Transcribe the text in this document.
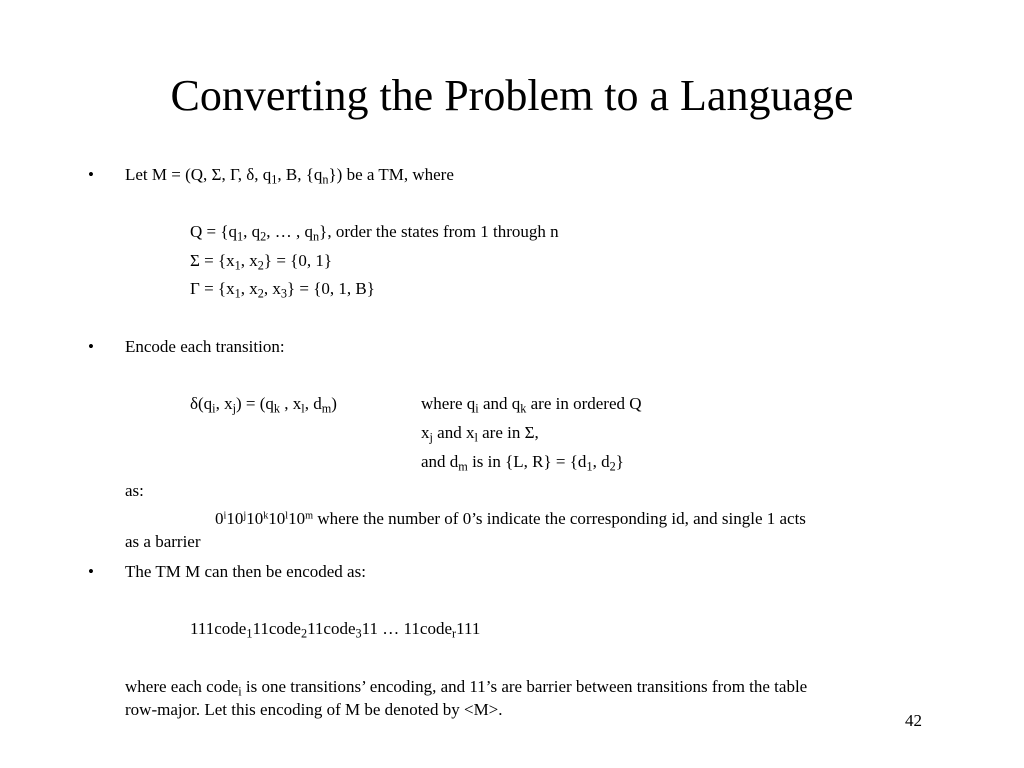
Converting the Problem to a Language
• Let M = (Q, Σ, Γ, δ, $q_1$, B, $\{q_n\}$) be a TM, where
$Q = \{q_1$, $q_2$, … , $q_n$}, order the states from 1 through n
$\Sigma = \{x_1$, $x_2\} = \{0$, 1}
$\Gamma = \{x_1$, $x_2$, $x_3\} = \{0$, 1, B}
• Encode each transition:
$\delta(q_i$, $x_j) = (q_k$ , $x_l$, $d_m$)	where $q_i$ and $q_k$ are in ordered Q
$x_j$ and $x_l$ are in Σ,
and $d_m$ is in {L, $R\} = \{d_1$, $d_2$}
as:
0$^i$10$^j$10$^k$10$^l$10$^m$ where the number of 0’s indicate the corresponding id, and single 1 acts
as a barrier
• The TM M can then be encoded as:
111code$_1$11code$_2$11code$_3$11 … 11code$_r$111
where each code$_i$ is one transitions’ encoding, and 11’s are barrier between transitions from the table
row-major. Let this encoding of M be denoted by <M>.
42
